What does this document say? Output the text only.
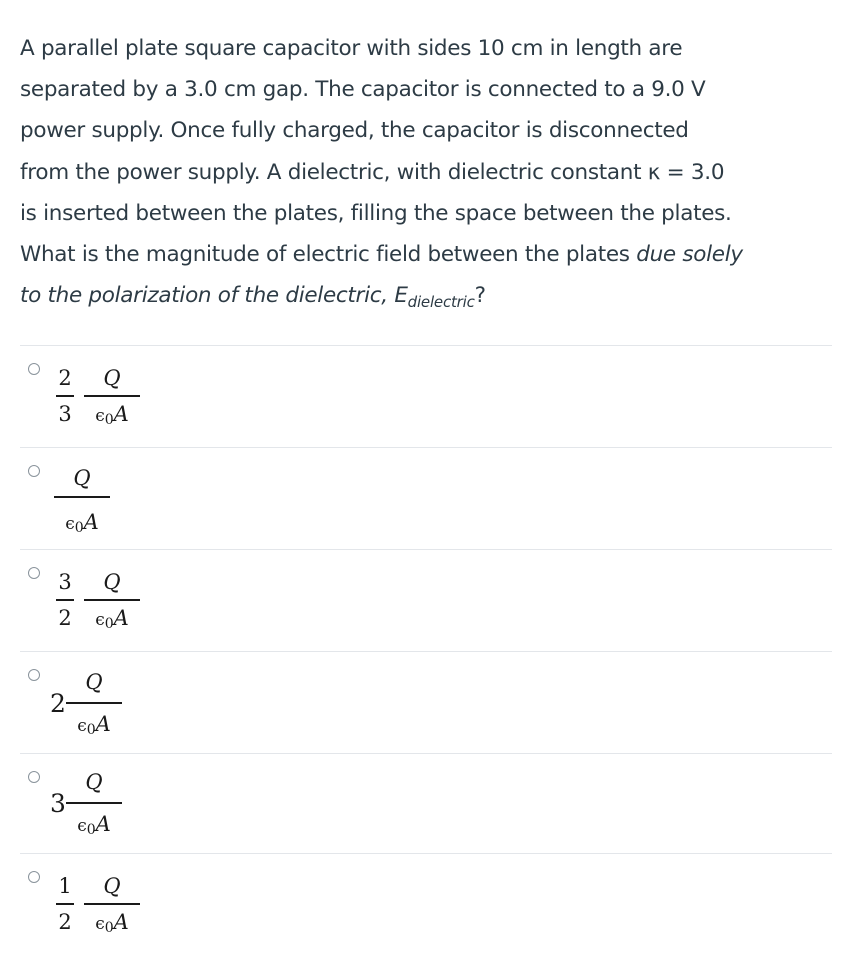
A parallel plate square capacitor with sides 10 cm in length are

separated by a 3.0 cm gap. The capacitor is connected to a 9.0 V

power supply. Once fully charged, the capacitor is disconnected

from the power supply. A dielectric, with dielectric constant κ = 3.0

is inserted between the plates, filling the space between the plates.

What is the magnitude of electric field between the plates due solely

to the polarization of the dielectric, $E_{dielectric}$?

2
3
Q
ϵ0A
Q
ϵ0A
3
2
Q
ϵ0A
2
Q
ϵ0A
3
Q
ϵ0A
1
2
Q
ϵ0A
